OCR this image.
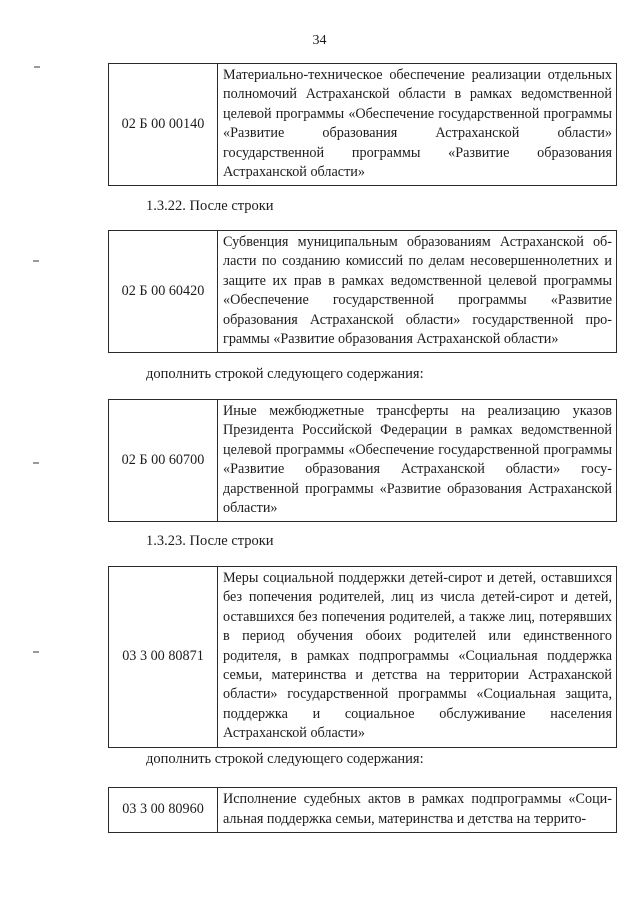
34
02 Б 00 00140	Материально-техническое обеспечение реализации отдельных полномочий Астраханской области в рамках ведомственной целевой программы «Обеспечение государственной программы «Развитие образования Астраханской области» государственной программы «Развитие образования Астраханской области»
1.3.22. После строки
02 Б 00 60420	Субвенция муниципальным образованиям Астраханской области по созданию комиссий по делам несовершеннолетних и защите их прав в рамках ведомственной целевой программы «Обеспечение государственной программы «Развитие образования Астраханской области» государственной программы «Развитие образования Астраханской области»
дополнить строкой следующего содержания:
02 Б 00 60700	Иные межбюджетные трансферты на реализацию указов Президента Российской Федерации в рамках ведомственной целевой программы «Обеспечение государственной программы «Развитие образования Астраханской области» государственной программы «Развитие образования Астраханской области»
1.3.23. После строки
03 3 00 80871	Меры социальной поддержки детей-сирот и детей, оставшихся без попечения родителей, лиц из числа детей-сирот и детей, оставшихся без попечения родителей, а также лиц, потерявших в период обучения обоих родителей или единственного родителя, в рамках подпрограммы «Социальная поддержка семьи, материнства и детства на территории Астраханской области» государственной программы «Социальная защита, поддержка и социальное обслуживание населения Астраханской области»
дополнить строкой следующего содержания:
03 3 00 80960	Исполнение судебных актов в рамках подпрограммы «Социальная поддержка семьи, материнства и детства на террито-
